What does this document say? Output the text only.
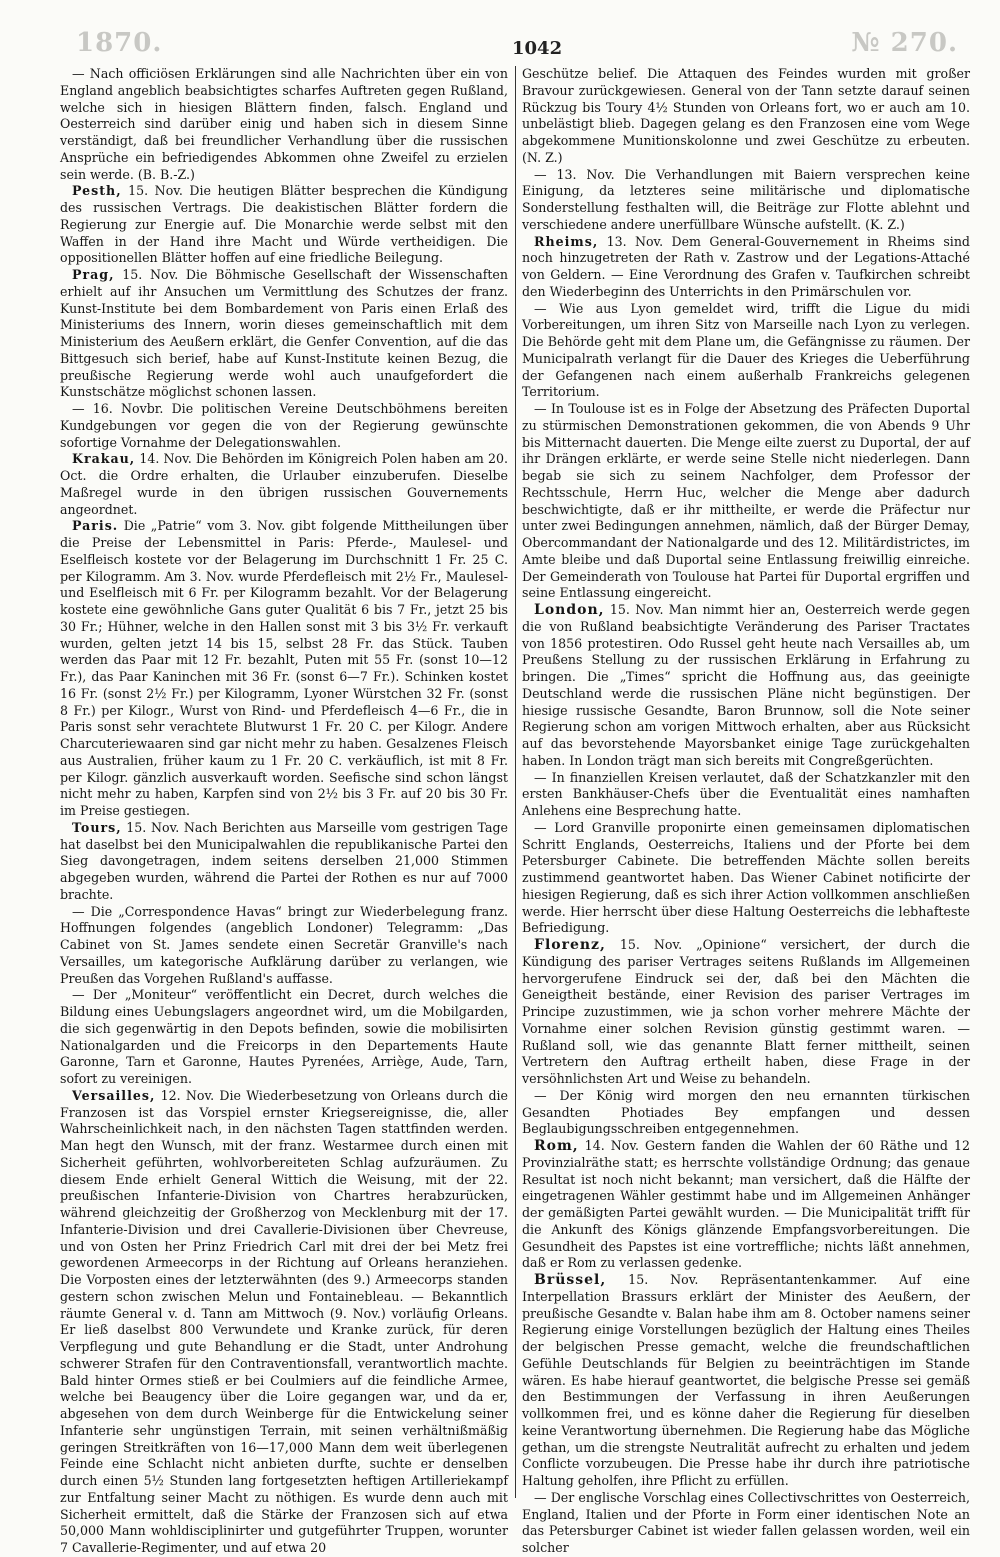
1870.	1042	№ 270.

— Nach officiösen Erklärungen sind alle Nachrichten über ein von England angeblich beabsichtigtes scharfes Auftreten gegen Rußland, welche sich in hiesigen Blättern finden, falsch. England und Oesterreich sind darüber einig und haben sich in diesem Sinne verständigt, daß bei freundlicher Verhandlung über die russischen Ansprüche ein befriedigendes Abkommen ohne Zweifel zu erzielen sein werde. (B. B.-Z.)

Pesth, 15. Nov. Die heutigen Blätter besprechen die Kündigung des russischen Vertrags. Die deakistischen Blätter fordern die Regierung zur Energie auf. Die Monarchie werde selbst mit den Waffen in der Hand ihre Macht und Würde vertheidigen. Die oppositionellen Blätter hoffen auf eine friedliche Beilegung.

Prag, 15. Nov. Die Böhmische Gesellschaft der Wissenschaften erhielt auf ihr Ansuchen um Vermittlung des Schutzes der franz. Kunst-Institute bei dem Bombardement von Paris einen Erlaß des Ministeriums des Innern, worin dieses gemeinschaftlich mit dem Ministerium des Aeußern erklärt, die Genfer Convention, auf die das Bittgesuch sich berief, habe auf Kunst-Institute keinen Bezug, die preußische Regierung werde wohl auch unaufgefordert die Kunstschätze möglichst schonen lassen.

— 16. Novbr. Die politischen Vereine Deutschböhmens bereiten Kundgebungen vor gegen die von der Regierung gewünschte sofortige Vornahme der Delegationswahlen.

Krakau, 14. Nov. Die Behörden im Königreich Polen haben am 20. Oct. die Ordre erhalten, die Urlauber einzuberufen. Dieselbe Maßregel wurde in den übrigen russischen Gouvernements angeordnet.

Paris. Die „Patrie“ vom 3. Nov. gibt folgende Mittheilungen über die Preise der Lebensmittel in Paris: Pferde-, Maulesel- und Eselfleisch kostete vor der Belagerung im Durchschnitt 1 Fr. 25 C. per Kilogramm. Am 3. Nov. wurde Pferdefleisch mit 2½ Fr., Maulesel- und Eselfleisch mit 6 Fr. per Kilogramm bezahlt. Vor der Belagerung kostete eine gewöhnliche Gans guter Qualität 6 bis 7 Fr., jetzt 25 bis 30 Fr.; Hühner, welche in den Hallen sonst mit 3 bis 3½ Fr. verkauft wurden, gelten jetzt 14 bis 15, selbst 28 Fr. das Stück. Tauben werden das Paar mit 12 Fr. bezahlt, Puten mit 55 Fr. (sonst 10—12 Fr.), das Paar Kaninchen mit 36 Fr. (sonst 6—7 Fr.). Schinken kostet 16 Fr. (sonst 2½ Fr.) per Kilogramm, Lyoner Würstchen 32 Fr. (sonst 8 Fr.) per Kilogr., Wurst von Rind- und Pferdefleisch 4—6 Fr., die in Paris sonst sehr verachtete Blutwurst 1 Fr. 20 C. per Kilogr. Andere Charcuteriewaaren sind gar nicht mehr zu haben. Gesalzenes Fleisch aus Australien, früher kaum zu 1 Fr. 20 C. verkäuflich, ist mit 8 Fr. per Kilogr. gänzlich ausverkauft worden. Seefische sind schon längst nicht mehr zu haben, Karpfen sind von 2½ bis 3 Fr. auf 20 bis 30 Fr. im Preise gestiegen.

Tours, 15. Nov. Nach Berichten aus Marseille vom gestrigen Tage hat daselbst bei den Municipalwahlen die republikanische Partei den Sieg davongetragen, indem seitens derselben 21,000 Stimmen abgegeben wurden, während die Partei der Rothen es nur auf 7000 brachte.

— Die „Correspondence Havas“ bringt zur Wiederbelegung franz. Hoffnungen folgendes (angeblich Londoner) Telegramm: „Das Cabinet von St. James sendete einen Secretär Granville's nach Versailles, um kategorische Aufklärung darüber zu verlangen, wie Preußen das Vorgehen Rußland's auffasse.

— Der „Moniteur“ veröffentlicht ein Decret, durch welches die Bildung eines Uebungslagers angeordnet wird, um die Mobilgarden, die sich gegenwärtig in den Depots befinden, sowie die mobilisirten Nationalgarden und die Freicorps in den Departements Haute Garonne, Tarn et Garonne, Hautes Pyrenées, Arriège, Aude, Tarn, sofort zu vereinigen.

Versailles, 12. Nov. Die Wiederbesetzung von Orleans durch die Franzosen ist das Vorspiel ernster Kriegsereignisse, die, aller Wahrscheinlichkeit nach, in den nächsten Tagen stattfinden werden. Man hegt den Wunsch, mit der franz. Westarmee durch einen mit Sicherheit geführten, wohlvorbereiteten Schlag aufzuräumen. Zu diesem Ende erhielt General Wittich die Weisung, mit der 22. preußischen Infanterie-Division von Chartres herabzurücken, während gleichzeitig der Großherzog von Mecklenburg mit der 17. Infanterie-Division und drei Cavallerie-Divisionen über Chevreuse, und von Osten her Prinz Friedrich Carl mit drei der bei Metz frei gewordenen Armeecorps in der Richtung auf Orleans heranziehen. Die Vorposten eines der letzterwähnten (des 9.) Armeecorps standen gestern schon zwischen Melun und Fontainebleau. — Bekanntlich räumte General v. d. Tann am Mittwoch (9. Nov.) vorläufig Orleans. Er ließ daselbst 800 Verwundete und Kranke zurück, für deren Verpflegung und gute Behandlung er die Stadt, unter Androhung schwerer Strafen für den Contraventionsfall, verantwortlich machte. Bald hinter Ormes stieß er bei Coulmiers auf die feindliche Armee, welche bei Beaugency über die Loire gegangen war, und da er, abgesehen von dem durch Weinberge für die Entwickelung seiner Infanterie sehr ungünstigen Terrain, mit seinen verhältnißmäßig geringen Streitkräften von 16—17,000 Mann dem weit überlegenen Feinde eine Schlacht nicht anbieten durfte, suchte er denselben durch einen 5½ Stunden lang fortgesetzten heftigen Artilleriekampf zur Entfaltung seiner Macht zu nöthigen. Es wurde denn auch mit Sicherheit ermittelt, daß die Stärke der Franzosen sich auf etwa 50,000 Mann wohldisciplinirter und gutgeführter Truppen, worunter 7 Cavallerie-Regimenter, und auf etwa 20

Geschütze belief. Die Attaquen des Feindes wurden mit großer Bravour zurückgewiesen. General von der Tann setzte darauf seinen Rückzug bis Toury 4½ Stunden von Orleans fort, wo er auch am 10. unbelästigt blieb. Dagegen gelang es den Franzosen eine vom Wege abgekommene Munitionskolonne und zwei Geschütze zu erbeuten. (N. Z.)

— 13. Nov. Die Verhandlungen mit Baiern versprechen keine Einigung, da letzteres seine militärische und diplomatische Sonderstellung festhalten will, die Beiträge zur Flotte ablehnt und verschiedene andere unerfüllbare Wünsche aufstellt. (K. Z.)

Rheims, 13. Nov. Dem General-Gouvernement in Rheims sind noch hinzugetreten der Rath v. Zastrow und der Legations-Attaché von Geldern. — Eine Verordnung des Grafen v. Taufkirchen schreibt den Wiederbeginn des Unterrichts in den Primärschulen vor.

— Wie aus Lyon gemeldet wird, trifft die Ligue du midi Vorbereitungen, um ihren Sitz von Marseille nach Lyon zu verlegen. Die Behörde geht mit dem Plane um, die Gefängnisse zu räumen. Der Municipalrath verlangt für die Dauer des Krieges die Ueberführung der Gefangenen nach einem außerhalb Frankreichs gelegenen Territorium.

— In Toulouse ist es in Folge der Absetzung des Präfecten Duportal zu stürmischen Demonstrationen gekommen, die von Abends 9 Uhr bis Mitternacht dauerten. Die Menge eilte zuerst zu Duportal, der auf ihr Drängen erklärte, er werde seine Stelle nicht niederlegen. Dann begab sie sich zu seinem Nachfolger, dem Professor der Rechtsschule, Herrn Huc, welcher die Menge aber dadurch beschwichtigte, daß er ihr mittheilte, er werde die Präfectur nur unter zwei Bedingungen annehmen, nämlich, daß der Bürger Demay, Obercommandant der Nationalgarde und des 12. Militärdistrictes, im Amte bleibe und daß Duportal seine Entlassung freiwillig einreiche. Der Gemeinderath von Toulouse hat Partei für Duportal ergriffen und seine Entlassung eingereicht.

London, 15. Nov. Man nimmt hier an, Oesterreich werde gegen die von Rußland beabsichtigte Veränderung des Pariser Tractates von 1856 protestiren. Odo Russel geht heute nach Versailles ab, um Preußens Stellung zu der russischen Erklärung in Erfahrung zu bringen. Die „Times“ spricht die Hoffnung aus, das geeinigte Deutschland werde die russischen Pläne nicht begünstigen. Der hiesige russische Gesandte, Baron Brunnow, soll die Note seiner Regierung schon am vorigen Mittwoch erhalten, aber aus Rücksicht auf das bevorstehende Mayorsbanket einige Tage zurückgehalten haben. In London trägt man sich bereits mit Congreßgerüchten.

— In finanziellen Kreisen verlautet, daß der Schatzkanzler mit den ersten Bankhäuser-Chefs über die Eventualität eines namhaften Anlehens eine Besprechung hatte.

— Lord Granville proponirte einen gemeinsamen diplomatischen Schritt Englands, Oesterreichs, Italiens und der Pforte bei dem Petersburger Cabinete. Die betreffenden Mächte sollen bereits zustimmend geantwortet haben. Das Wiener Cabinet notificirte der hiesigen Regierung, daß es sich ihrer Action vollkommen anschließen werde. Hier herrscht über diese Haltung Oesterreichs die lebhafteste Befriedigung.

Florenz, 15. Nov. „Opinione“ versichert, der durch die Kündigung des pariser Vertrages seitens Rußlands im Allgemeinen hervorgerufene Eindruck sei der, daß bei den Mächten die Geneigtheit bestände, einer Revision des pariser Vertrages im Principe zuzustimmen, wie ja schon vorher mehrere Mächte der Vornahme einer solchen Revision günstig gestimmt waren. — Rußland soll, wie das genannte Blatt ferner mittheilt, seinen Vertretern den Auftrag ertheilt haben, diese Frage in der versöhnlichsten Art und Weise zu behandeln.

— Der König wird morgen den neu ernannten türkischen Gesandten Photiades Bey empfangen und dessen Beglaubigungsschreiben entgegennehmen.

Rom, 14. Nov. Gestern fanden die Wahlen der 60 Räthe und 12 Provinzialräthe statt; es herrschte vollständige Ordnung; das genaue Resultat ist noch nicht bekannt; man versichert, daß die Hälfte der eingetragenen Wähler gestimmt habe und im Allgemeinen Anhänger der gemäßigten Partei gewählt wurden. — Die Municipalität trifft für die Ankunft des Königs glänzende Empfangsvorbereitungen. Die Gesundheit des Papstes ist eine vortreffliche; nichts läßt annehmen, daß er Rom zu verlassen gedenke.

Brüssel, 15. Nov. Repräsentantenkammer. Auf eine Interpellation Brassurs erklärt der Minister des Aeußern, der preußische Gesandte v. Balan habe ihm am 8. October namens seiner Regierung einige Vorstellungen bezüglich der Haltung eines Theiles der belgischen Presse gemacht, welche die freundschaftlichen Gefühle Deutschlands für Belgien zu beeinträchtigen im Stande wären. Es habe hierauf geantwortet, die belgische Presse sei gemäß den Bestimmungen der Verfassung in ihren Aeußerungen vollkommen frei, und es könne daher die Regierung für dieselben keine Verantwortung übernehmen. Die Regierung habe das Mögliche gethan, um die strengste Neutralität aufrecht zu erhalten und jedem Conflicte vorzubeugen. Die Presse habe ihr durch ihre patriotische Haltung geholfen, ihre Pflicht zu erfüllen.

— Der englische Vorschlag eines Collectivschrittes von Oesterreich, England, Italien und der Pforte in Form einer identischen Note an das Petersburger Cabinet ist wieder fallen gelassen worden, weil ein solcher
